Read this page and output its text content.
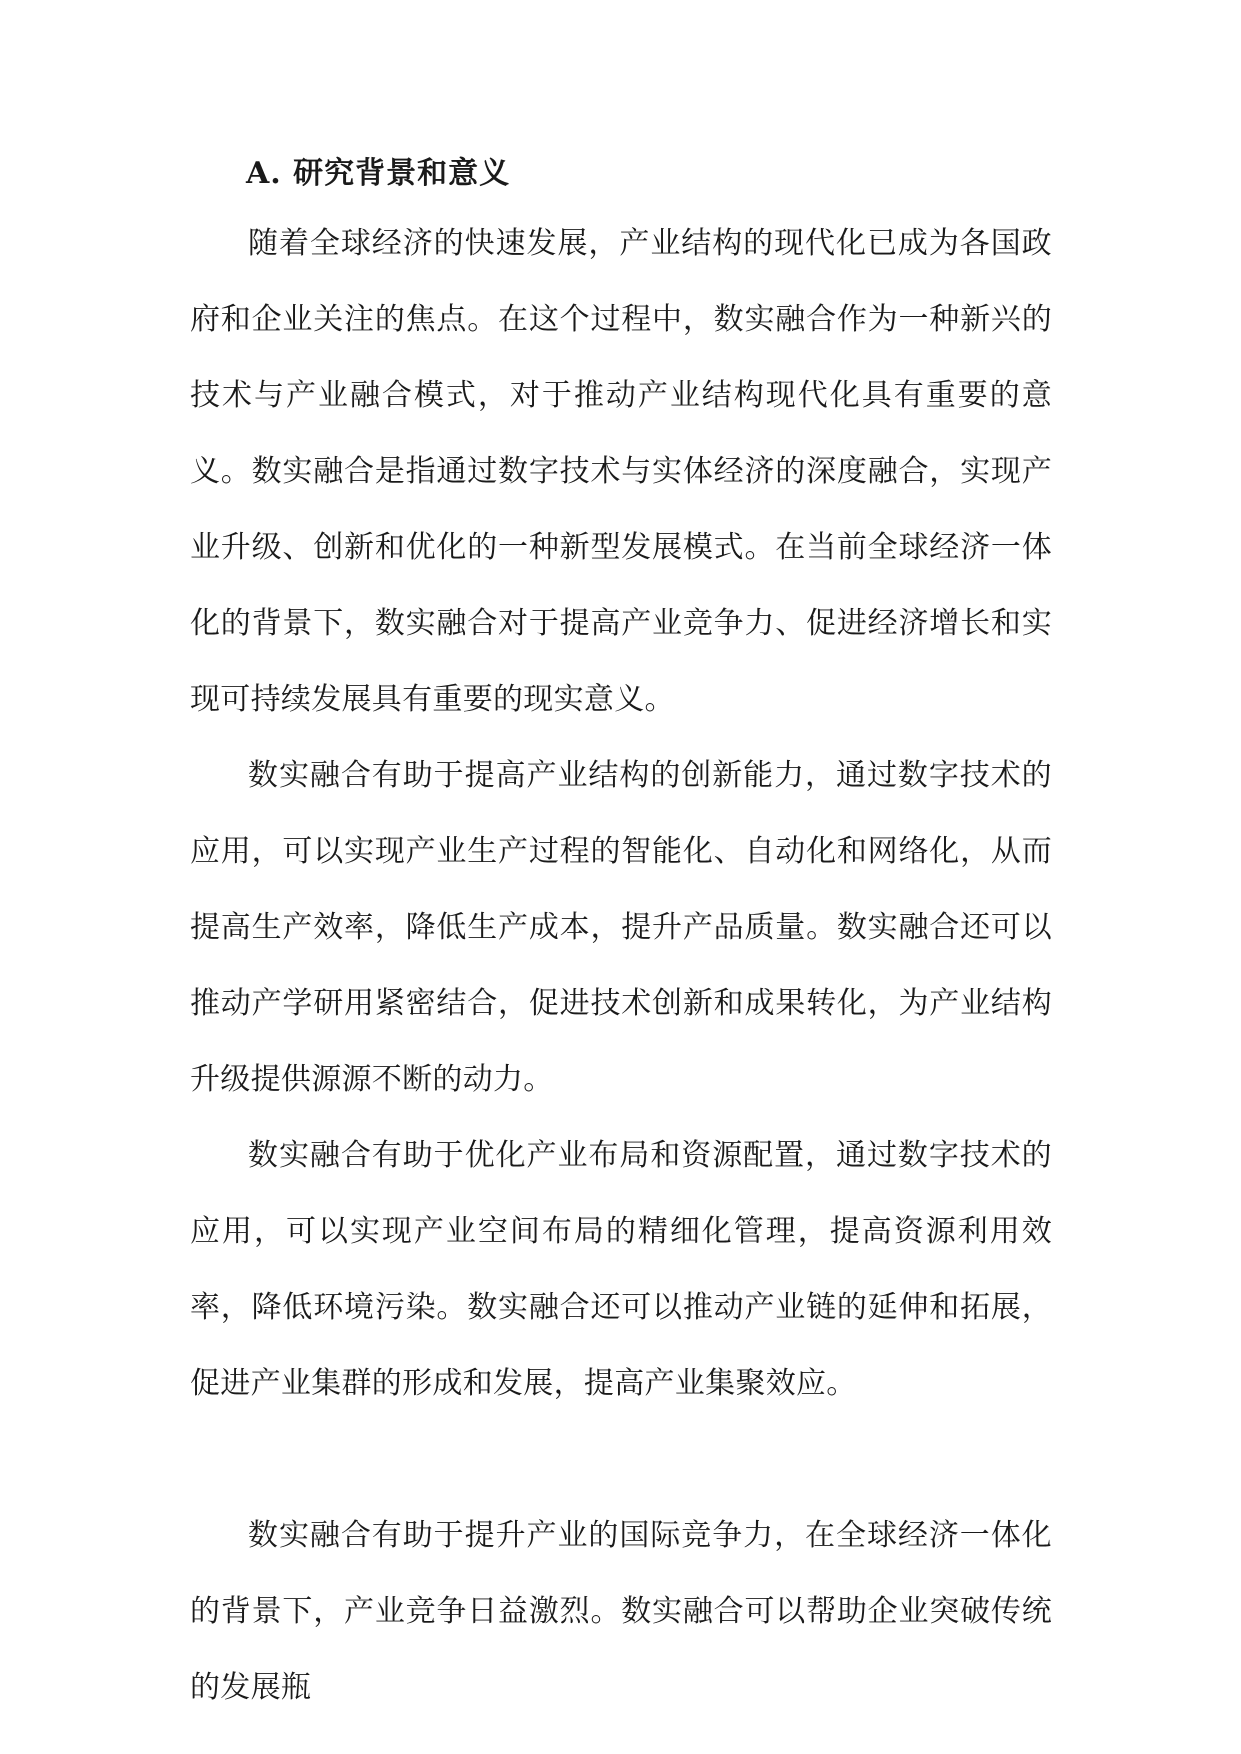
A. 研究背景和意义

随着全球经济的快速发展，产业结构的现代化已成为各国政府和企业关注的焦点。在这个过程中，数实融合作为一种新兴的技术与产业融合模式，对于推动产业结构现代化具有重要的意义。数实融合是指通过数字技术与实体经济的深度融合，实现产业升级、创新和优化的一种新型发展模式。在当前全球经济一体化的背景下，数实融合对于提高产业竞争力、促进经济增长和实现可持续发展具有重要的现实意义。

数实融合有助于提高产业结构的创新能力，通过数字技术的应用，可以实现产业生产过程的智能化、自动化和网络化，从而提高生产效率，降低生产成本，提升产品质量。数实融合还可以推动产学研用紧密结合，促进技术创新和成果转化，为产业结构升级提供源源不断的动力。

数实融合有助于优化产业布局和资源配置，通过数字技术的应用，可以实现产业空间布局的精细化管理，提高资源利用效率，降低环境污染。数实融合还可以推动产业链的延伸和拓展，促进产业集群的形成和发展，提高产业集聚效应。

数实融合有助于提升产业的国际竞争力，在全球经济一体化的背景下，产业竞争日益激烈。数实融合可以帮助企业突破传统的发展瓶
